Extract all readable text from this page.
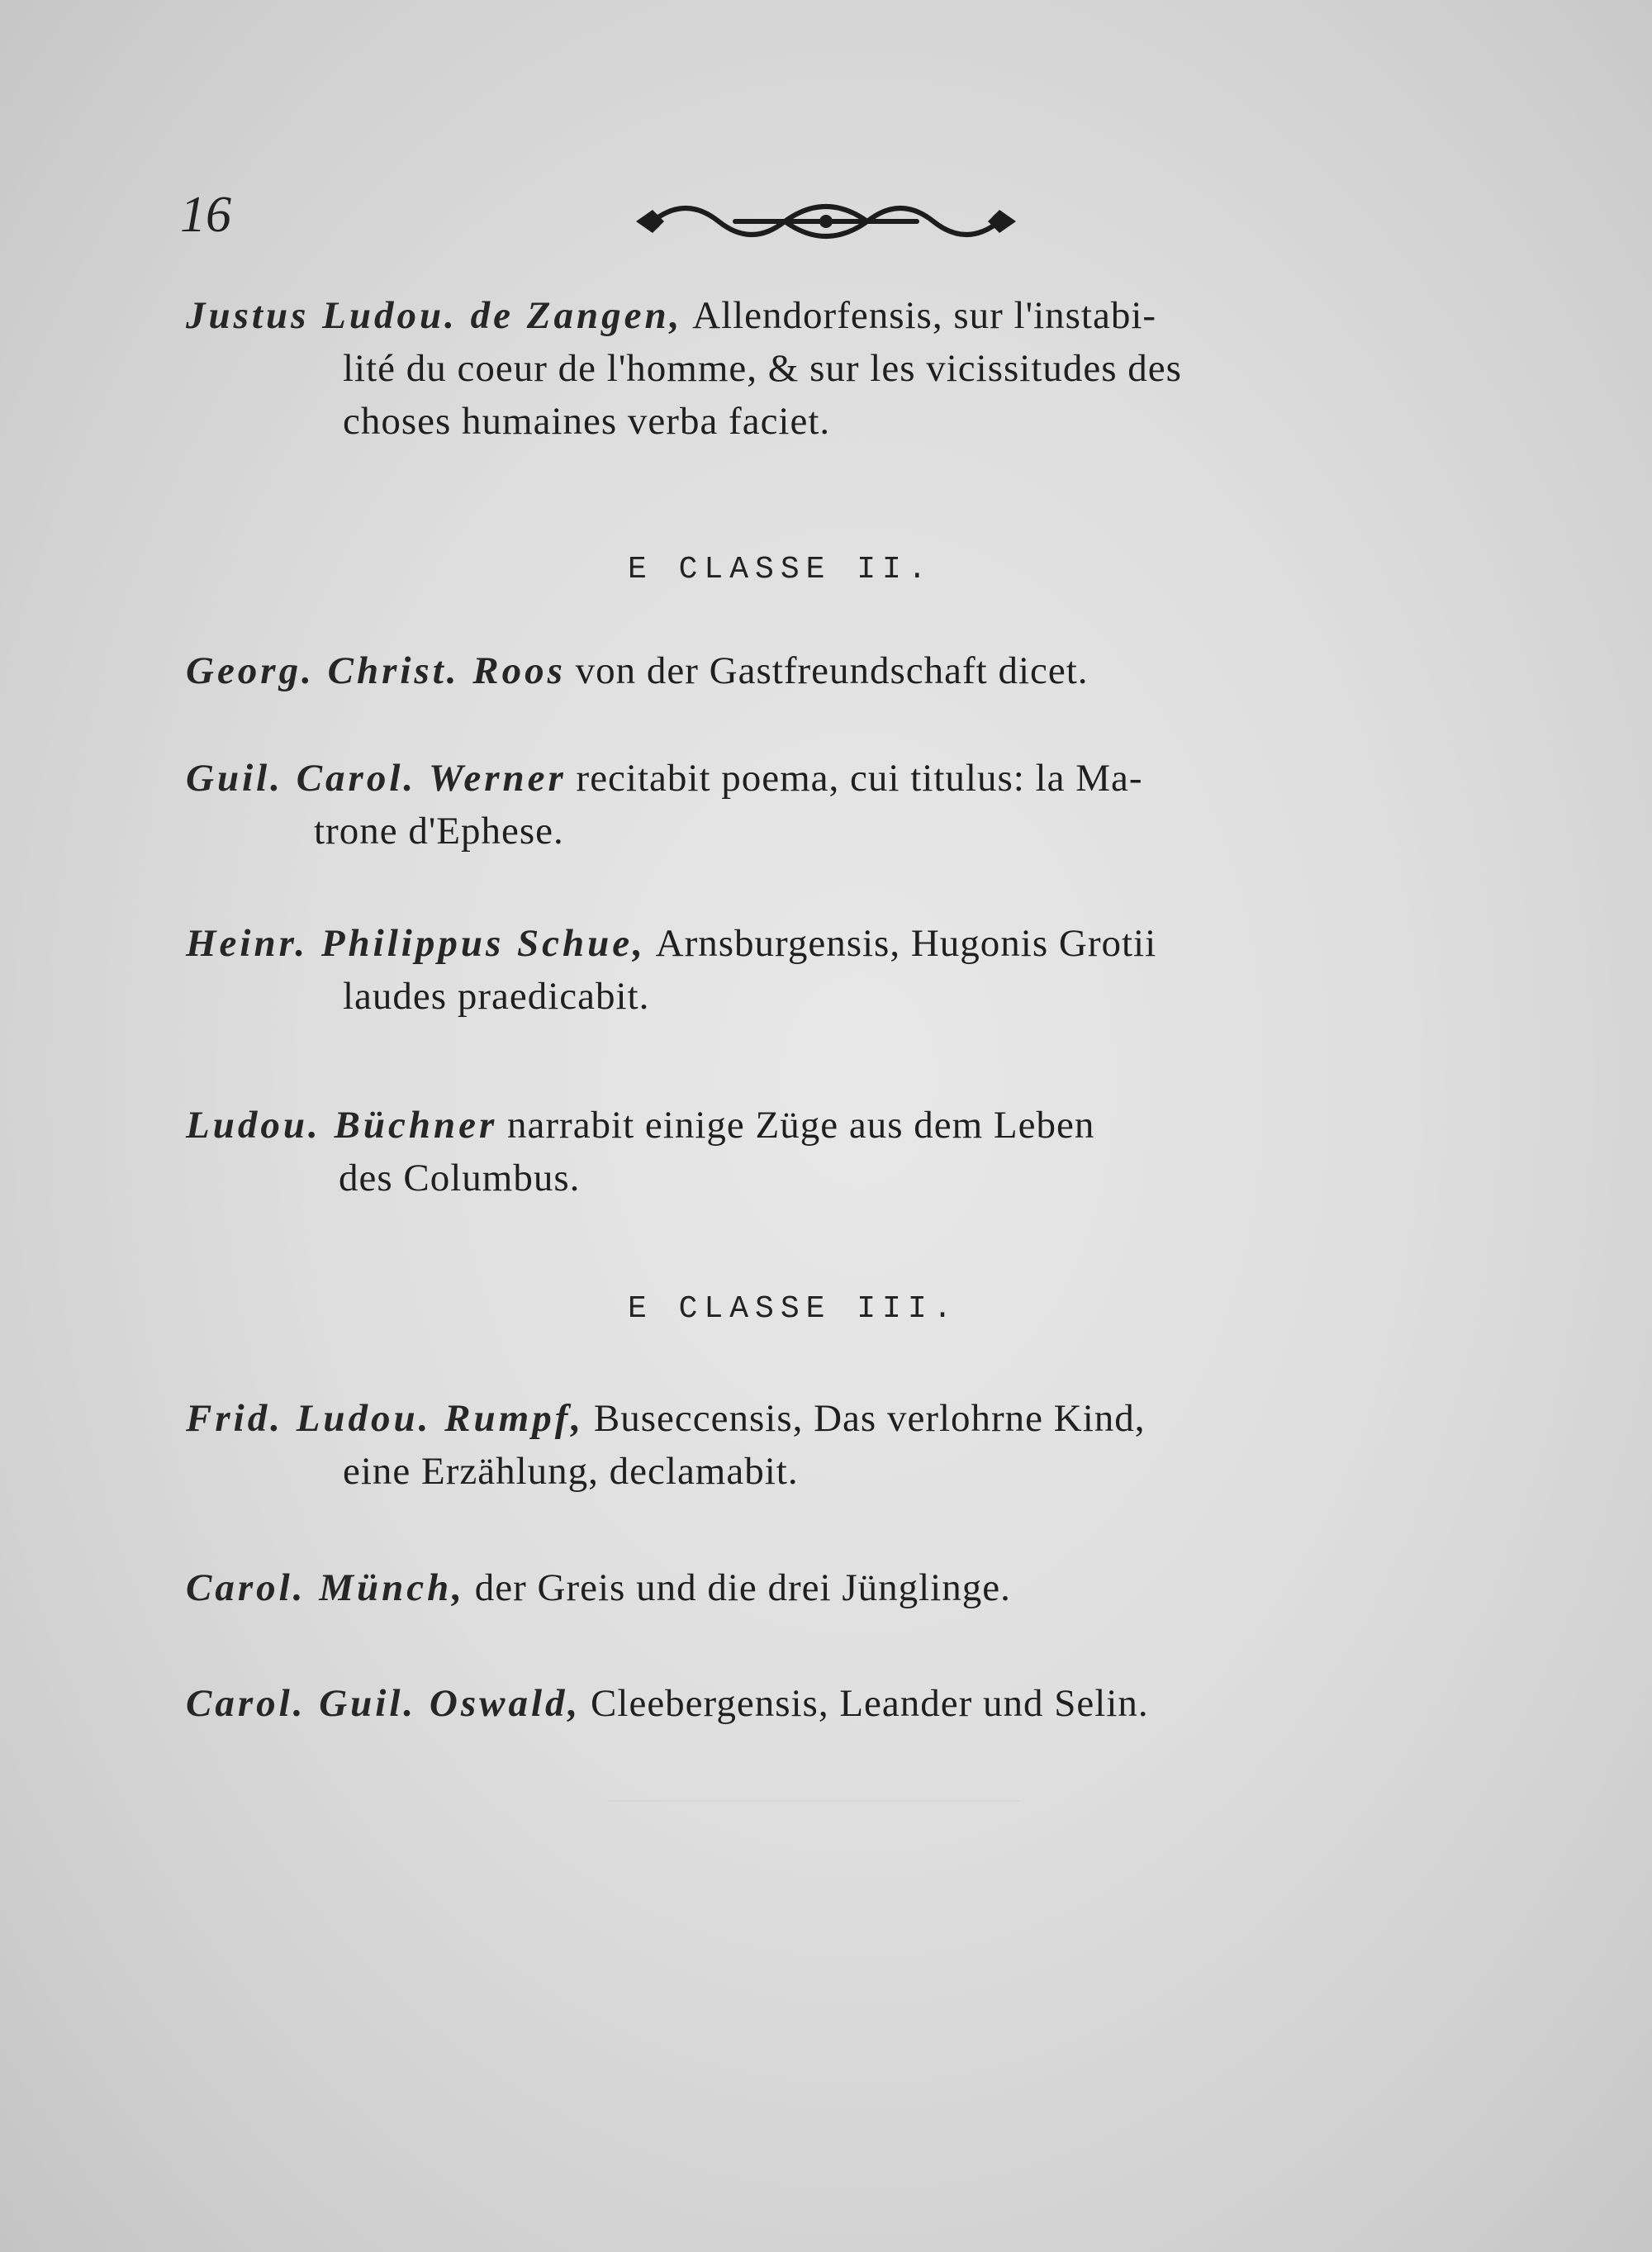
16
Justus Ludou. de Zangen, Allendorfensis, sur l'instabi-
lité du coeur de l'homme, & sur les vicissitudes des
choses humaines verba faciet.
E CLASSE II.
Georg. Christ. Roos von der Gastfreundschaft dicet.
Guil. Carol. Werner recitabit poema, cui titulus: la Ma-
trone d'Ephese.
Heinr. Philippus Schue, Arnsburgensis, Hugonis Grotii
laudes praedicabit.
Ludou. Büchner narrabit einige Züge aus dem Leben
des Columbus.
E CLASSE III.
Frid. Ludou. Rumpf, Buseccensis, Das verlohrne Kind,
eine Erzählung, declamabit.
Carol. Münch, der Greis und die drei Jünglinge.
Carol. Guil. Oswald, Cleebergensis, Leander und Selin.
